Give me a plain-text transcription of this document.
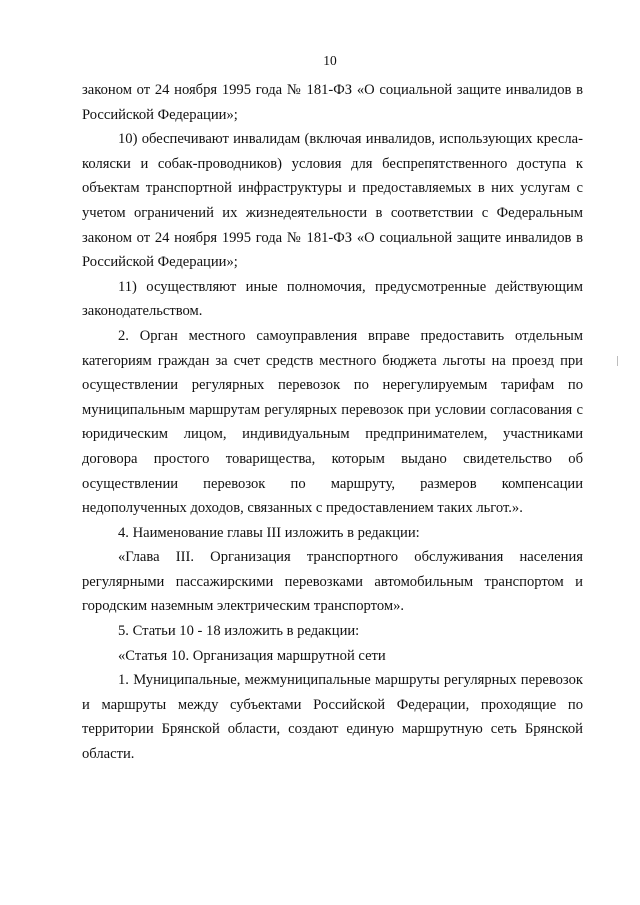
10

законом от 24 ноября 1995 года № 181-ФЗ «О социальной защите инвалидов в Российской Федерации»;

10) обеспечивают инвалидам (включая инвалидов, использующих кресла-коляски и собак-проводников) условия для беспрепятственного доступа к объектам транспортной инфраструктуры и предоставляемых в них услугам с учетом ограничений их жизнедеятельности в соответствии с Федеральным законом от 24 ноября 1995 года № 181-ФЗ «О социальной защите инвалидов в Российской Федерации»;

11) осуществляют иные полномочия, предусмотренные действующим законодательством.

2. Орган местного самоуправления вправе предоставить отдельным категориям граждан за счет средств местного бюджета льготы на проезд при осуществлении регулярных перевозок по нерегулируемым тарифам по муниципальным маршрутам регулярных перевозок при условии согласования с юридическим лицом, индивидуальным предпринимателем, участниками договора простого товарищества, которым выдано свидетельство об осуществлении перевозок по маршруту, размеров компенсации недополученных доходов, связанных с предоставлением таких льгот.».

4. Наименование главы III изложить в редакции:

«Глава III. Организация транспортного обслуживания населения регулярными пассажирскими перевозками автомобильным транспортом и городским наземным электрическим транспортом».

5. Статьи 10 - 18 изложить в редакции:

«Статья 10. Организация маршрутной сети

1. Муниципальные, межмуниципальные маршруты регулярных перевозок и маршруты между субъектами Российской Федерации, проходящие по территории Брянской области, создают единую маршрутную сеть Брянской области.
